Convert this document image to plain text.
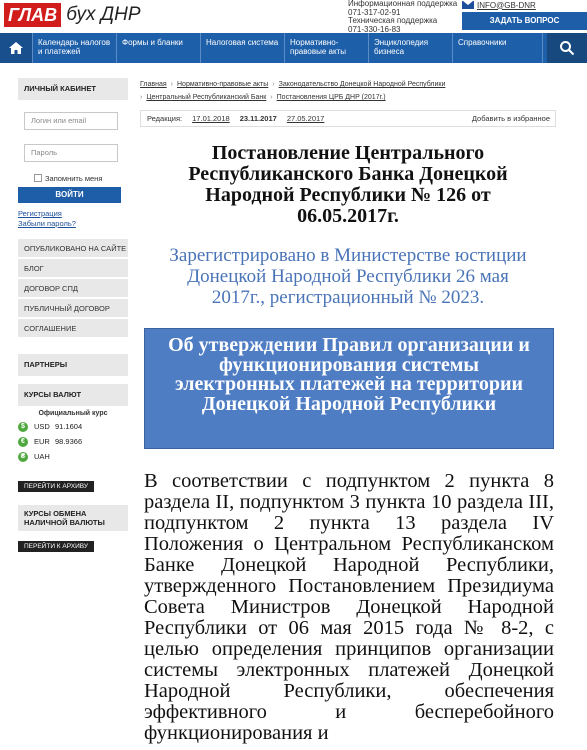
ГЛАВ бух ДНР
Информационная поддержка
071-317-02-91
Техническая поддержка
071-330-16-83
INFO@GB-DNR
ЗАДАТЬ ВОПРОС
Календарь налогов и платежей
Формы и бланки	Налоговая система	Нормативно-правовые акты
Энциклопедия бизнеса
Справочники
ЛИЧНЫЙ КАБИНЕТ
Логин или email
Пароль
Запомнить меня
ВОЙТИ
Регистрация
Забыли пароль?
ОПУБЛИКОВАНО НА САЙТЕ
БЛОГ
ДОГОВОР СПД
ПУБЛИЧНЫЙ ДОГОВОР
СОГЛАШЕНИЕ
ПАРТНЕРЫ
КУРСЫ ВАЛЮТ
Официальный курс
$	USD 91.1604
€	EUR 98.9366
₴	UAH
ПЕРЕЙТИ К АРХИВУ
КУРСЫ ОБМЕНА
НАЛИЧНОЙ ВАЛЮТЫ
ПЕРЕЙТИ К АРХИВУ
Главная › Нормативно-правовые акты › Законодательство Донецкой Народной Республики
› Центральный Республиканский Банк › Постановления ЦРБ ДНР (2017г.)
Редакция: 17.01.2018 23.11.2017 27.05.2017	Добавить в избранное
Постановление Центрального Республиканского Банка Донецкой Народной Республики № 126 от 06.05.2017г.
Зарегистрировано в Министерстве юстиции Донецкой Народной Республики 26 мая 2017г., регистрационный № 2023.
Об утверждении Правил организации и функционирования системы электронных платежей на территории Донецкой Народной Республики
В соответствии с подпунктом 2 пункта 8 раздела II, подпунктом 3 пункта 10 раздела III, подпунктом 2 пункта 13 раздела IV Положения о Центральном Республиканском Банке Донецкой Народной Республики, утвержденного Постановлением Президиума Совета Министров Донецкой Народной Республики от 06 мая 2015 года № 8-2, с целью определения принципов организации системы электронных платежей Донецкой Народной Республики, обеспечения эффективного и бесперебойного функционирования и
